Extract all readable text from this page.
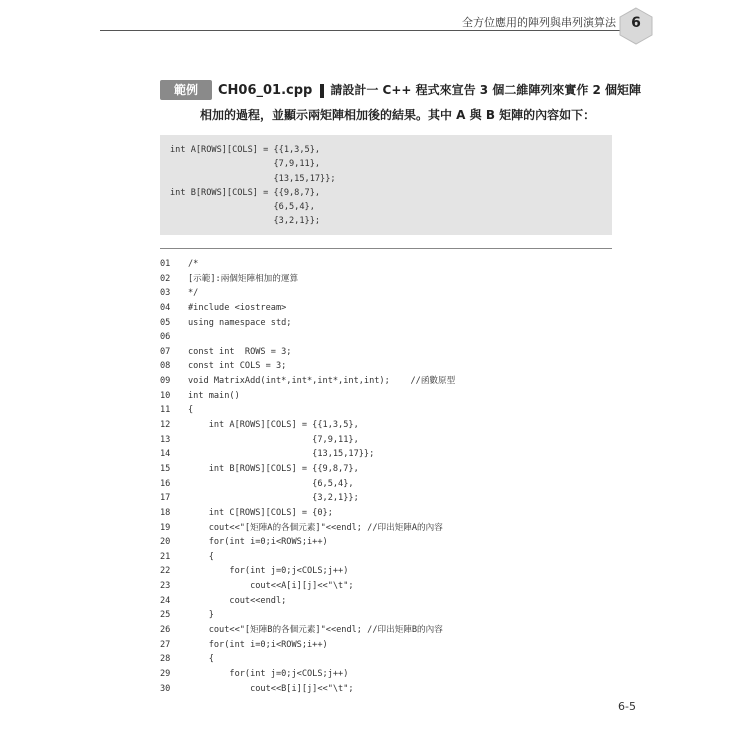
全方位應用的陣列與串列演算法	6
範例	CH06_01.cpp 請設計一 C++ 程式來宣告 3 個二維陣列來實作 2 個矩陣
相加的過程，並顯示兩矩陣相加後的結果。其中 A 與 B 矩陣的內容如下：
int A[ROWS][COLS] = {{1,3,5},
{7,9,11},
{13,15,17}};
int B[ROWS][COLS] = {{9,8,7},
{6,5,4},
{3,2,1}};
01	/*
02	[示範]:兩個矩陣相加的運算
03	*/
04	#include <iostream>
05	using namespace std;
06
07	const int  ROWS = 3;
08	const int COLS = 3;
09	void MatrixAdd(int*,int*,int*,int,int);    //函數原型
10	int main()
11	{
12	int A[ROWS][COLS] = {{1,3,5},
13	{7,9,11},
14	{13,15,17}};
15	int B[ROWS][COLS] = {{9,8,7},
16	{6,5,4},
17	{3,2,1}};
18	int C[ROWS][COLS] = {0};
19	cout<<"[矩陣A的各個元素]"<<endl; //印出矩陣A的內容
20	for(int i=0;i<ROWS;i++)
21	{
22	for(int j=0;j<COLS;j++)
23	cout<<A[i][j]<<"\t";
24	cout<<endl;
25	}
26	cout<<"[矩陣B的各個元素]"<<endl; //印出矩陣B的內容
27	for(int i=0;i<ROWS;i++)
28	{
29	for(int j=0;j<COLS;j++)
30	cout<<B[i][j]<<"\t";
6-5
